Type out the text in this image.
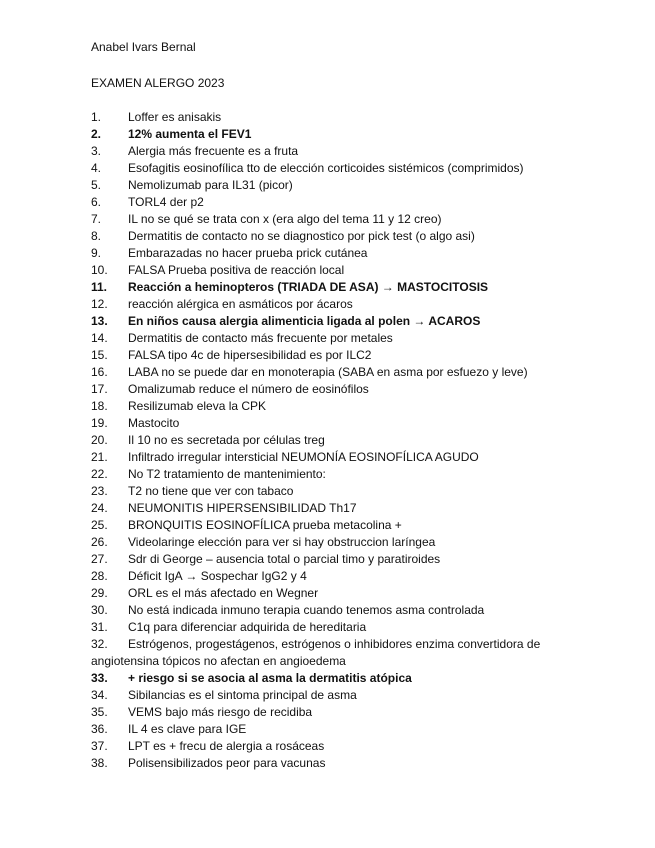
Anabel Ivars Bernal
EXAMEN ALERGO 2023
1.	Loffer es anisakis
2.	12% aumenta el FEV1
3.	Alergia más frecuente es a fruta
4.	Esofagitis eosinofílica tto de elección corticoides sistémicos (comprimidos)
5.	Nemolizumab para IL31 (picor)
6.	TORL4 der p2
7.	IL no se qué se trata con x (era algo del tema 11 y 12 creo)
8.	Dermatitis de contacto no se diagnostico por pick test (o algo asi)
9.	Embarazadas no hacer prueba prick cutánea
10.	FALSA Prueba positiva de reacción local
11.	Reacción a heminopteros (TRIADA DE ASA) → MASTOCITOSIS
12.	reacción alérgica en asmáticos por ácaros
13.	En niños causa alergia alimenticia ligada al polen → ACAROS
14.	Dermatitis de contacto más frecuente por metales
15.	FALSA tipo 4c de hipersesibilidad es por ILC2
16.	LABA no se puede dar en monoterapia (SABA en asma por esfuezo y leve)
17.	Omalizumab reduce el número de eosinófilos
18.	Resilizumab eleva la CPK
19.	Mastocito
20.	Il 10 no es secretada por células treg
21.	Infiltrado irregular intersticial NEUMONÍA EOSINOFÍLICA AGUDO
22.	No T2 tratamiento de mantenimiento:
23.	T2 no tiene que ver con tabaco
24.	NEUMONITIS HIPERSENSIBILIDAD Th17
25.	BRONQUITIS EOSINOFÍLICA prueba metacolina +
26.	Videolaringe elección para ver si hay obstruccion laríngea
27.	Sdr di George – ausencia total o parcial timo y paratiroides
28.	Déficit IgA → Sospechar IgG2 y 4
29.	ORL es el más afectado en Wegner
30.	No está indicada inmuno terapia cuando tenemos asma controlada
31.	C1q para diferenciar adquirida de hereditaria
32.	Estrógenos, progestágenos, estrógenos o inhibidores enzima convertidora de angiotensina tópicos no afectan en angioedema
33.	+ riesgo si se asocia al asma la dermatitis atópica
34.	Sibilancias es el sintoma principal de asma
35.	VEMS bajo más riesgo de recidiba
36.	IL 4 es clave para IGE
37.	LPT es + frecu de alergia a rosáceas
38.	Polisensibilizados peor para vacunas
